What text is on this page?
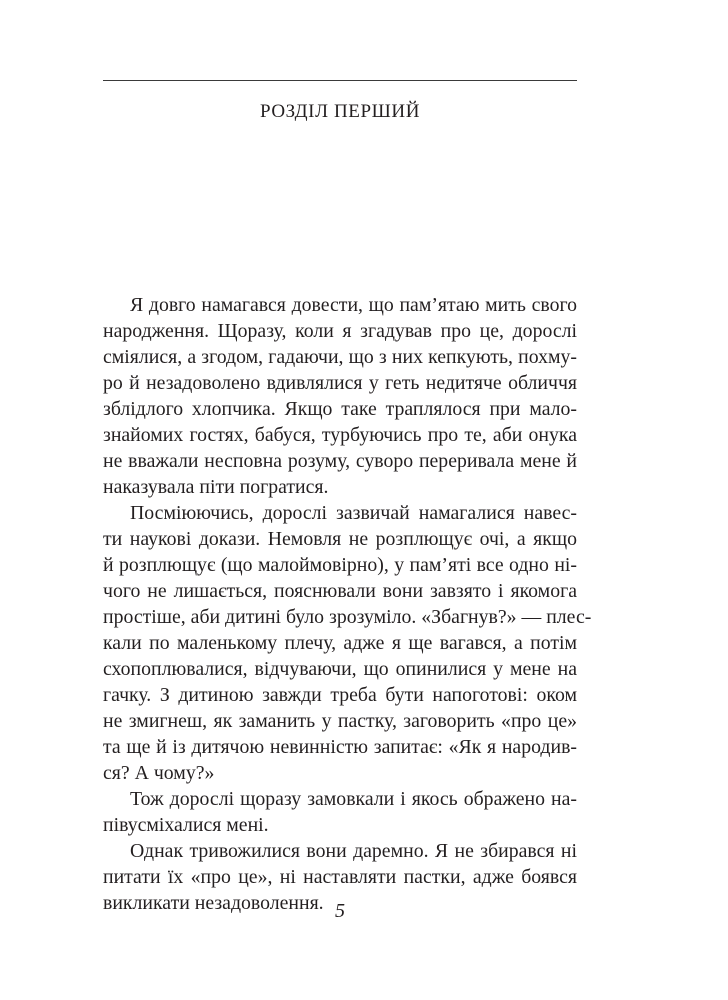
РОЗДІЛ ПЕРШИЙ

Я довго намагався довести, що пам’ятаю мить свого

народження. Щоразу, коли я згадував про це, дорослі

сміялися, а згодом, гадаючи, що з них кепкують, похму-

ро й незадоволено вдивлялися у геть недитяче обличчя

зблідлого хлопчика. Якщо таке траплялося при мало-

знайомих гостях, бабуся, турбуючись про те, аби онука

не вважали несповна розуму, суворо переривала мене й

наказувала піти погратися.

Посміюючись, дорослі зазвичай намагалися навес-

ти наукові докази. Немовля не розплющує очі, а якщо

й розплющує (що малоймовірно), у пам’яті все одно ні-

чого не лишається, пояснювали вони завзято і якомога

простіше, аби дитині було зрозуміло. «Збагнув?» — плес-

кали по маленькому плечу, адже я ще вагався, а потім

схопоплювалися, відчуваючи, що опинилися у мене на

гачку. З дитиною завжди треба бути напоготові: оком

не змигнеш, як заманить у пастку, заговорить «про це»

та ще й із дитячою невинністю запитає: «Як я народив-

ся? А чому?»

Тож дорослі щоразу замовкали і якось ображено на-

півусміхалися мені.

Однак тривожилися вони даремно. Я не збирався ні

питати їх «про це», ні наставляти пастки, адже боявся

викликати незадоволення. 5
